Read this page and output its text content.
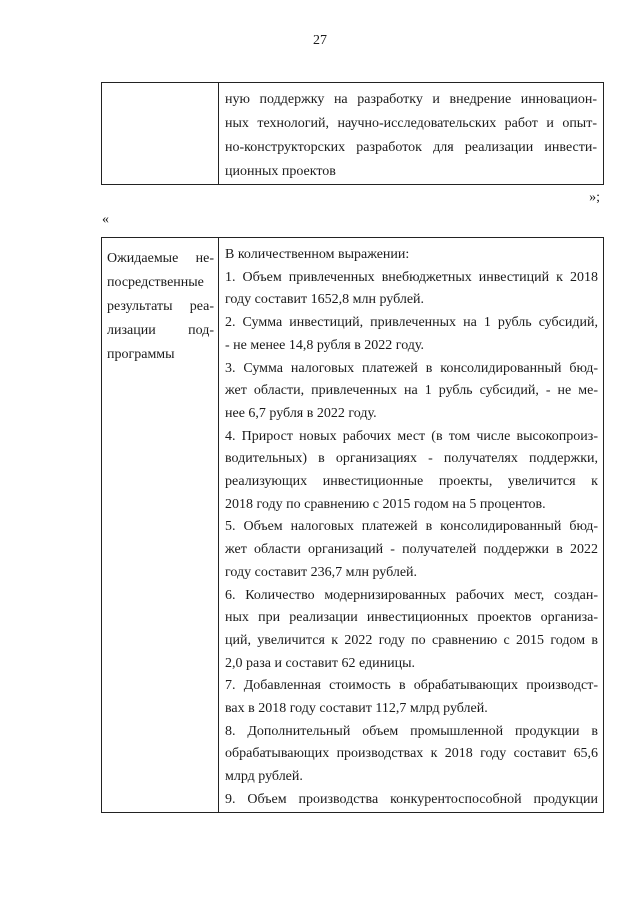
27

ную поддержку на разработку и внедрение инновацион-
ных технологий, научно-исследовательских работ и опыт-
но-конструкторских разработок для реализации инвести-
ционных проектов
»;
«
Ожидаемые не-
посредственные
результаты реа-
лизации под-
программы

В количественном выражении:
1. Объем привлеченных внебюджетных инвестиций к 2018
году составит 1652,8 млн рублей.
2. Сумма инвестиций, привлеченных на 1 рубль субсидий,
- не менее 14,8 рубля в 2022 году.
3. Сумма налоговых платежей в консолидированный бюд-
жет области, привлеченных на 1 рубль субсидий, - не ме-
нее 6,7 рубля в 2022 году.
4. Прирост новых рабочих мест (в том числе высокопроиз-
водительных) в организациях - получателях поддержки,
реализующих инвестиционные проекты, увеличится к
2018 году по сравнению с 2015 годом на 5 процентов.
5. Объем налоговых платежей в консолидированный бюд-
жет области организаций - получателей поддержки в 2022
году составит 236,7 млн рублей.
6. Количество модернизированных рабочих мест, создан-
ных при реализации инвестиционных проектов организа-
ций, увеличится к 2022 году по сравнению с 2015 годом в
2,0 раза и составит 62 единицы.
7. Добавленная стоимость в обрабатывающих производст-
вах в 2018 году составит 112,7 млрд рублей.
8. Дополнительный объем промышленной продукции в
обрабатывающих производствах к 2018 году составит 65,6
млрд рублей.
9. Объем производства конкурентоспособной продукции
